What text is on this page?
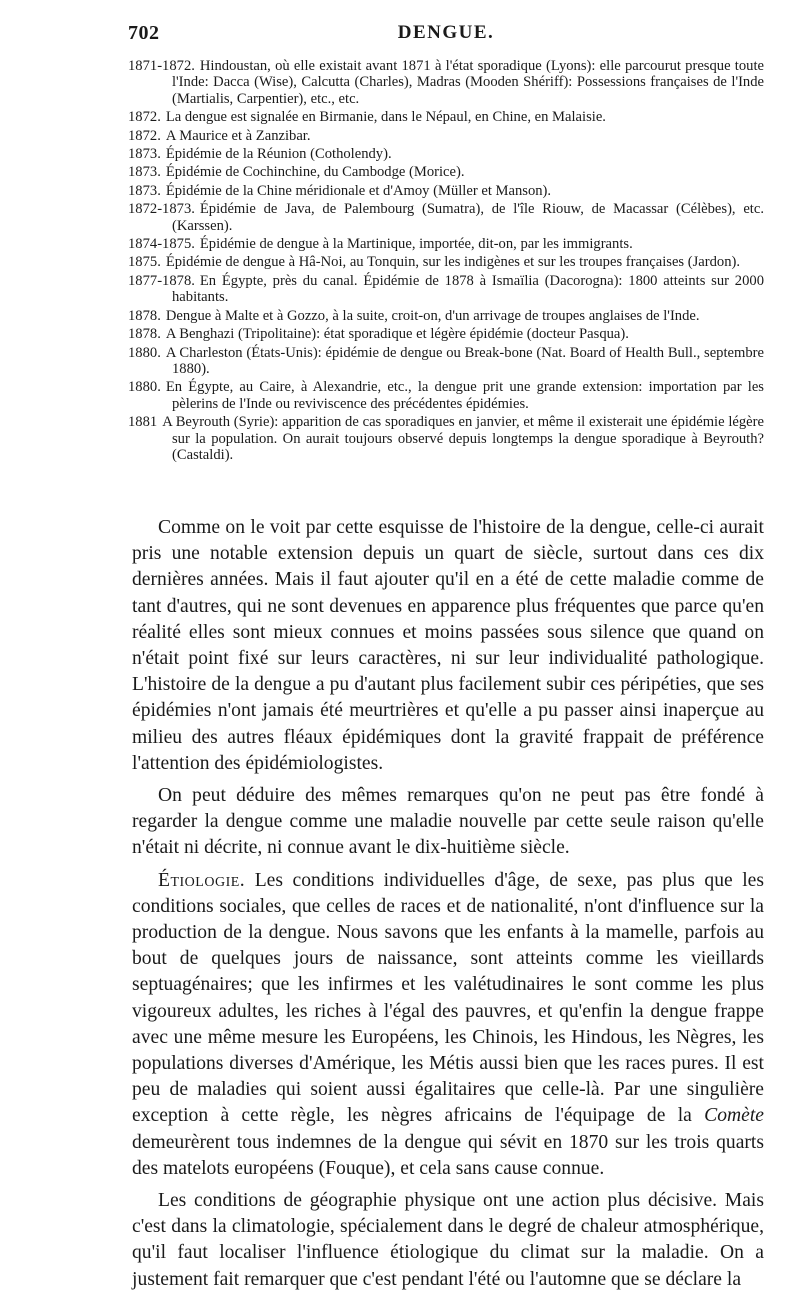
702	DENGUE.

1871-1872. Hindoustan, où elle existait avant 1871 à l'état sporadique (Lyons): elle parcourut presque toute l'Inde: Dacca (Wise), Calcutta (Charles), Madras (Mooden Shériff): Possessions françaises de l'Inde (Martialis, Carpentier), etc., etc.

1872. La dengue est signalée en Birmanie, dans le Népaul, en Chine, en Malaisie.

1872. A Maurice et à Zanzibar.

1873. Épidémie de la Réunion (Cotholendy).

1873. Épidémie de Cochinchine, du Cambodge (Morice).

1873. Épidémie de la Chine méridionale et d'Amoy (Müller et Manson).

1872-1873. Épidémie de Java, de Palembourg (Sumatra), de l'île Riouw, de Macassar (Célèbes), etc. (Karssen).

1874-1875. Épidémie de dengue à la Martinique, importée, dit-on, par les immigrants.

1875. Épidémie de dengue à Hâ-Noi, au Tonquin, sur les indigènes et sur les troupes françaises (Jardon).

1877-1878. En Égypte, près du canal. Épidémie de 1878 à Ismaïlia (Dacorogna): 1800 atteints sur 2000 habitants.

1878. Dengue à Malte et à Gozzo, à la suite, croit-on, d'un arrivage de troupes anglaises de l'Inde.

1878. A Benghazi (Tripolitaine): état sporadique et légère épidémie (docteur Pasqua).

1880. A Charleston (États-Unis): épidémie de dengue ou Break-bone (Nat. Board of Health Bull., septembre 1880).

1880. En Égypte, au Caire, à Alexandrie, etc., la dengue prit une grande extension: importation par les pèlerins de l'Inde ou reviviscence des précédentes épidémies.

1881 A Beyrouth (Syrie): apparition de cas sporadiques en janvier, et même il existerait une épidémie légère sur la population. On aurait toujours observé depuis longtemps la dengue sporadique à Beyrouth? (Castaldi).

Comme on le voit par cette esquisse de l'histoire de la dengue, celle-ci aurait pris une notable extension depuis un quart de siècle, surtout dans ces dix dernières années. Mais il faut ajouter qu'il en a été de cette maladie comme de tant d'autres, qui ne sont devenues en apparence plus fréquentes que parce qu'en réalité elles sont mieux connues et moins passées sous silence que quand on n'était point fixé sur leurs caractères, ni sur leur individualité pathologique. L'histoire de la dengue a pu d'autant plus facilement subir ces péripéties, que ses épidémies n'ont jamais été meurtrières et qu'elle a pu passer ainsi inaperçue au milieu des autres fléaux épidémiques dont la gravité frappait de préférence l'attention des épidémiologistes.

On peut déduire des mêmes remarques qu'on ne peut pas être fondé à regarder la dengue comme une maladie nouvelle par cette seule raison qu'elle n'était ni décrite, ni connue avant le dix-huitième siècle.

Étiologie. Les conditions individuelles d'âge, de sexe, pas plus que les conditions sociales, que celles de races et de nationalité, n'ont d'influence sur la production de la dengue. Nous savons que les enfants à la mamelle, parfois au bout de quelques jours de naissance, sont atteints comme les vieillards septuagénaires; que les infirmes et les valétudinaires le sont comme les plus vigoureux adultes, les riches à l'égal des pauvres, et qu'enfin la dengue frappe avec une même mesure les Européens, les Chinois, les Hindous, les Nègres, les populations diverses d'Amérique, les Métis aussi bien que les races pures. Il est peu de maladies qui soient aussi égalitaires que celle-là. Par une singulière exception à cette règle, les nègres africains de l'équipage de la Comète demeurèrent tous indemnes de la dengue qui sévit en 1870 sur les trois quarts des matelots européens (Fouque), et cela sans cause connue.

Les conditions de géographie physique ont une action plus décisive. Mais c'est dans la climatologie, spécialement dans le degré de chaleur atmosphérique, qu'il faut localiser l'influence étiologique du climat sur la maladie. On a justement fait remarquer que c'est pendant l'été ou l'automne que se déclare la
